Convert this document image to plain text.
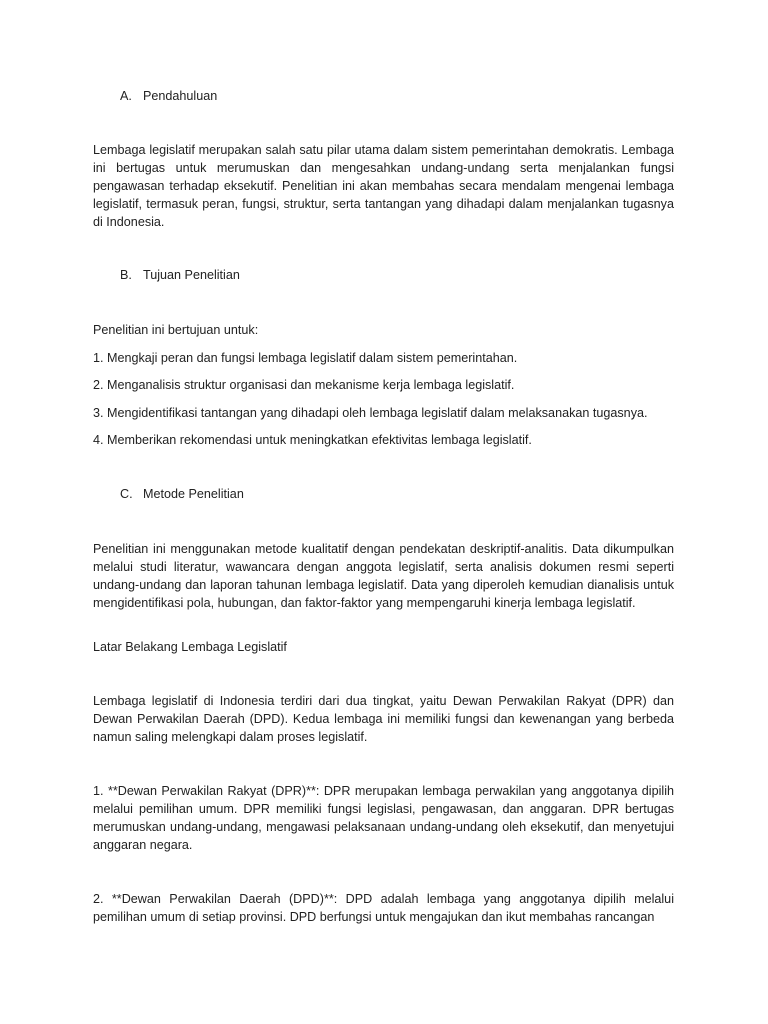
A. Pendahuluan

Lembaga legislatif merupakan salah satu pilar utama dalam sistem pemerintahan demokratis. Lembaga ini bertugas untuk merumuskan dan mengesahkan undang-undang serta menjalankan fungsi pengawasan terhadap eksekutif. Penelitian ini akan membahas secara mendalam mengenai lembaga legislatif, termasuk peran, fungsi, struktur, serta tantangan yang dihadapi dalam menjalankan tugasnya di Indonesia.

B. Tujuan Penelitian

Penelitian ini bertujuan untuk:

1. Mengkaji peran dan fungsi lembaga legislatif dalam sistem pemerintahan.

2. Menganalisis struktur organisasi dan mekanisme kerja lembaga legislatif.

3. Mengidentifikasi tantangan yang dihadapi oleh lembaga legislatif dalam melaksanakan tugasnya.

4. Memberikan rekomendasi untuk meningkatkan efektivitas lembaga legislatif.

C. Metode Penelitian

Penelitian ini menggunakan metode kualitatif dengan pendekatan deskriptif-analitis. Data dikumpulkan melalui studi literatur, wawancara dengan anggota legislatif, serta analisis dokumen resmi seperti undang-undang dan laporan tahunan lembaga legislatif. Data yang diperoleh kemudian dianalisis untuk mengidentifikasi pola, hubungan, dan faktor-faktor yang mempengaruhi kinerja lembaga legislatif.

Latar Belakang Lembaga Legislatif

Lembaga legislatif di Indonesia terdiri dari dua tingkat, yaitu Dewan Perwakilan Rakyat (DPR) dan Dewan Perwakilan Daerah (DPD). Kedua lembaga ini memiliki fungsi dan kewenangan yang berbeda namun saling melengkapi dalam proses legislatif.

1. **Dewan Perwakilan Rakyat (DPR)**: DPR merupakan lembaga perwakilan yang anggotanya dipilih melalui pemilihan umum. DPR memiliki fungsi legislasi, pengawasan, dan anggaran. DPR bertugas merumuskan undang-undang, mengawasi pelaksanaan undang-undang oleh eksekutif, dan menyetujui anggaran negara.

2. **Dewan Perwakilan Daerah (DPD)**: DPD adalah lembaga yang anggotanya dipilih melalui pemilihan umum di setiap provinsi. DPD berfungsi untuk mengajukan dan ikut membahas rancangan
